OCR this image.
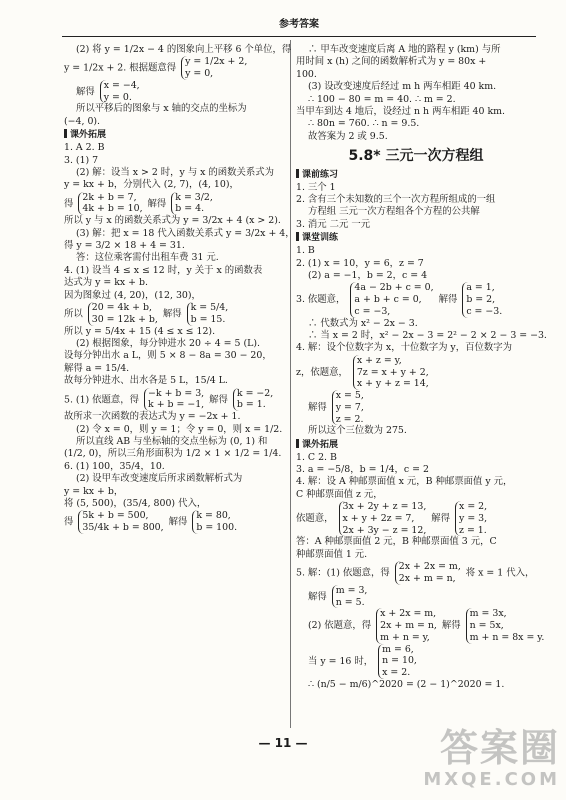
参考答案
(2) 将 y = 1/2x − 4 的图象向上平移 6 个单位，得
y = 1/2x + 2. 根据题意得
y = 1/2x + 2,
y = 0,
解得
x = −4,
y = 0.
所以平移后的图象与 x 轴的交点的坐标为
(−4, 0).
课外拓展
1. A 2. B
3. (1) 7
(2) 解：设当 x > 2 时，y 与 x 的函数关系式为
y = kx + b，分别代入 (2, 7)，(4, 10)，
得
2k + b = 7,
4k + b = 10, 解得
k = 3/2,
b = 4.
所以 y 与 x 的函数关系式为 y = 3/2x + 4 (x > 2).
(3) 解：把 x = 18 代入函数关系式 y = 3/2x + 4，
得 y = 3/2 × 18 + 4 = 31.
答：这位乘客需付出租车费 31 元.
4. (1) 设当 4 ≤ x ≤ 12 时，y 关于 x 的函数表
达式为 y = kx + b.
因为图象过 (4, 20)，(12, 30)，
所以
20 = 4k + b,
30 = 12k + b, 解得
k = 5/4,
b = 15.
所以 y = 5/4x + 15 (4 ≤ x ≤ 12).
(2) 根据图象，每分钟进水 20 ÷ 4 = 5 (L).
设每分钟出水 a L，则 5 × 8 − 8a = 30 − 20，
解得 a = 15/4.
故每分钟进水、出水各是 5 L，15/4 L.
5. (1) 依题意，得
−k + b = 3,
k + b = −1, 解得
k = −2,
b = 1.
故所求一次函数的表达式为 y = −2x + 1.
(2) 令 x = 0，则 y = 1；令 y = 0，则 x = 1/2.
所以直线 AB 与坐标轴的交点坐标为 (0, 1) 和
(1/2, 0)，所以三角形面积为 1/2 × 1 × 1/2 = 1/4.
6. (1) 100，35/4，10.
(2) 设甲车改变速度后所求函数解析式为
y = kx + b，
将 (5, 500)，(35/4, 800) 代入，
得
5k + b = 500,
35/4k + b = 800, 解得
k = 80,
b = 100.
∴ 甲车改变速度后离 A 地的路程 y (km) 与所
用时间 x (h) 之间的函数解析式为 y = 80x +
100.
(3) 设改变速度后经过 m h 两车相距 40 km.
∴ 100 − 80 = m = 40. ∴ m = 2.
当甲车到达 4 地后，设经过 n h 两车相距 40 km.
∴ 80n = 760. ∴ n = 9.5.
故答案为 2 或 9.5.
5.8* 三元一次方程组
课前练习
1. 三个 1
2. 含有三个未知数的三个一次方程所组成的一组
方程组 三元一次方程组各个方程的公共解
3. 消元 二元 一元
课堂训练
1. B
2. (1) x = 10，y = 6，z = 7
(2) a = −1，b = 2，c = 4
3. 依题意，
4a − 2b + c = 0,
a + b + c = 0,
c = −3,
解得
a = 1,
b = 2,
c = −3.
∴ 代数式为 x² − 2x − 3.
∴ 当 x = 2 时，x² − 2x − 3 = 2² − 2 × 2 − 3 = −3.
4. 解：设个位数字为 x，十位数字为 y，百位数字为
z，依题意，
x + z = y,
7z = x + y + 2,
x + y + z = 14,
解得
x = 5,
y = 7,
z = 2.
所以这个三位数为 275.
课外拓展
1. C 2. B
3. a = −5/8，b = 1/4，c = 2
4. 解：设 A 种邮票面值 x 元，B 种邮票面值 y 元，
C 种邮票面值 z 元，
依题意，
3x + 2y + z = 13,
x + y + 2z = 7,
2x + 3y − z = 12,
解得
x = 2,
y = 3,
z = 1.
答：A 种邮票面值 2 元，B 种邮票面值 3 元，C
种邮票面值 1 元.
5. 解：(1) 依题意，得
2x + 2x = m,
2x + m = n,	将 x = 1 代入，
解得
m = 3,
n = 5.
(2) 依题意，得
x + 2x = m,
2x + m = n,
m + n = y,
解得
m = 3x,
n = 5x,
m + n = 8x = y.
当 y = 16 时，
m = 6,
n = 10,
x = 2.
∴ (n/5 − m/6)^2020 = (2 − 1)^2020 = 1.
— 11 —	答案圈
MXQE.COM
